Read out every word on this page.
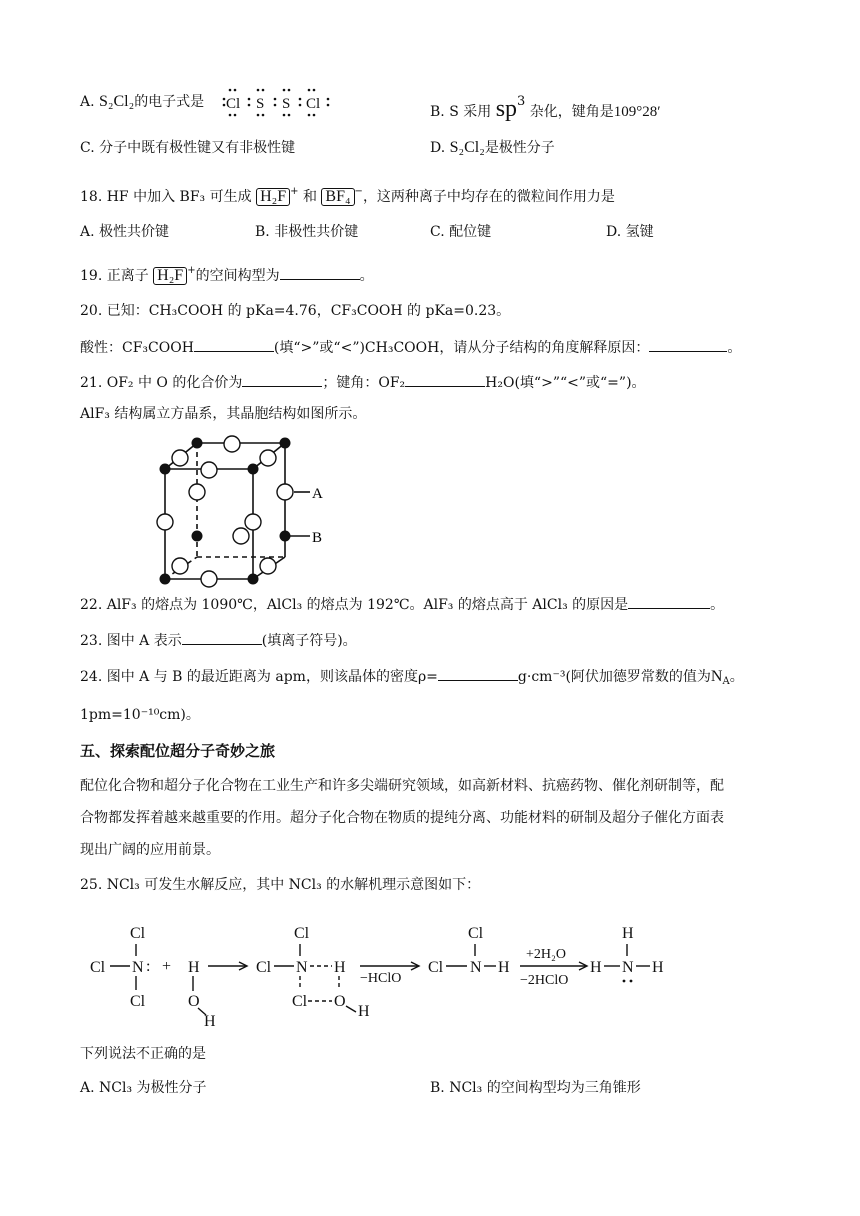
A. S₂Cl₂的电子式是 Cl S S Cl	B. S 采用 sp3 杂化，键角是109°28′
C. 分子中既有极性键又有非极性键	D. S₂Cl₂是极性分子
18. HF 中加入 BF₃ 可生成 H₂F + 和 BF₄ −，这两种离子中均存在的微粒间作用力是
A. 极性共价键	B. 非极性共价键	C. 配位键	D. 氢键
19. 正离子 H₂F +的空间构型为	。
20. 已知：CH₃COOH 的 pKa=4.76，CF₃COOH 的 pKa=0.23。
酸性：CF₃COOH	(填“>”或“<”)CH₃COOH，请从分子结构的角度解释原因：	。
21. OF₂ 中 O 的化合价为	；键角：OF₂	H₂O(填“>”“<”或“=”)。
AlF₃ 结构属立方晶系，其晶胞结构如图所示。
A
B
22. AlF₃ 的熔点为 1090℃，AlCl₃ 的熔点为 192℃。AlF₃ 的熔点高于 AlCl₃ 的原因是	。
23. 图中 A 表示	(填离子符号)。
24. 图中 A 与 B 的最近距离为 apm，则该晶体的密度ρ=	g·cm⁻³(阿伏加德罗常数的值为$N_A$。
1pm=10⁻¹⁰cm)。
五、探索配位超分子奇妙之旅
配位化合物和超分子化合物在工业生产和许多尖端研究领域，如高新材料、抗癌药物、催化剂研制等，配
合物都发挥着越来越重要的作用。超分子化合物在物质的提纯分离、功能材料的研制及超分子催化方面表
现出广阔的应用前景。
25. NCl₃ 可发生水解反应，其中 NCl₃ 的水解机理示意图如下：
Cl
Cl N
Cl
: + H
O
H
Cl
Cl N H
Cl O
H
Cl
Cl N H
H
H N H
−HClO
+2H₂O
−2HClO
下列说法不正确的是
A. NCl₃ 为极性分子	B. NCl₃ 的空间构型均为三角锥形
